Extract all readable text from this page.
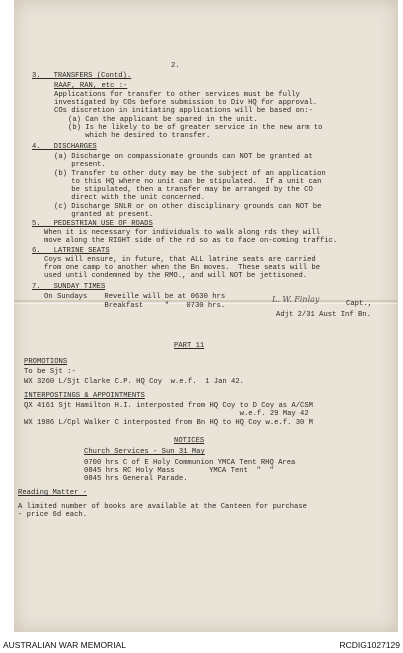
2.
3.   TRANSFERS (Contd).
RAAF, RAN, etc :-
Applications for transfer to other services must be fully
investigated by COs before submission to Div HQ for approval.
COs discretion in initiating applications will be based on:-
(a) Can the applicant be spared in the unit.
(b) Is he likely to be of greater service in the new arm to
which he desired to transfer.
4.   DISCHARGES
(a) Discharge on compassionate grounds can NOT be granted at
present.
(b) Transfer to other duty may be the subject of an application
to this HQ where no unit can be stipulated.  If a unit can
be stipulated, then a transfer may be arranged by the CO
direct with the unit concerned.
(c) Discharge SNLR or on other disciplinary grounds can NOT be
granted at present.
5.   PEDESTRIAN USE OF ROADS
When it is necessary for individuals to walk along rds they will
move along the RIGHT side of the rd so as to face on-coming traffic.
6.   LATRINE SEATS
Coys will ensure, in future, that ALL latrine seats are carried
from one camp to another when the Bn moves.  These seats will be
used until condemned by the RMO., and will NOT be jettisoned.
7.   SUNDAY TIMES
On Sundays    Reveille will be at 0630 hrs
Breakfast     "    0730 hrs.
L. W. Finlay	Capt.,
Adjt 2/31 Aust Inf Bn.
PART 11
PROMOTIONS
To be Sjt :-
WX 3260 L/Sjt Clarke C.P. HQ Coy  w.e.f.  1 Jan 42.
INTERPOSTINGS & APPOINTMENTS
QX 4161 Sjt Hamilton H.I. interposted from HQ Coy to D Coy as A/CSM
w.e.f. 29 May 42
WX 1986 L/Cpl Walker C interposted from Bn HQ to HQ Coy w.e.f. 30 M
NOTICES
Church Services - Sun 31 May
0700 hrs C of E Holy Communion YMCA Tent RHQ Area
0845 hrs RC Holy Mass        YMCA Tent  "  "
0845 hrs General Parade.
Reading Matter -
A limited number of books are available at the Canteen for purchase
- price 6d each.
AUSTRALIAN WAR MEMORIAL	RCDIG1027129
